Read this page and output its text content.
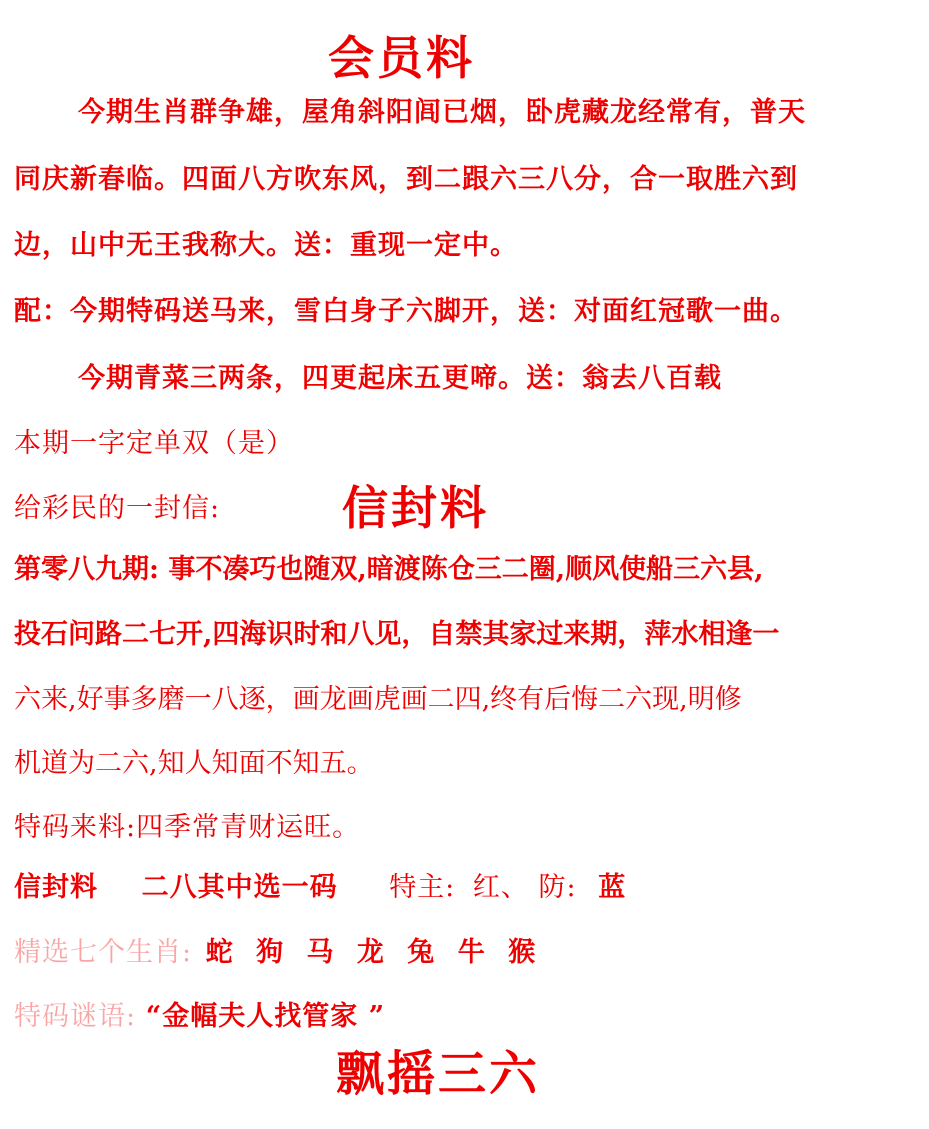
会员料
今期生肖群争雄，屋角斜阳闾已烟，卧虎藏龙经常有，普天
同庆新春临。四面八方吹东风，到二跟六三八分，合一取胜六到
边，山中无王我称大。送：重现一定中。
配：今期特码送马来，雪白身子六脚开，送：对面红冠歌一曲。
今期青菜三两条，四更起床五更啼。送：翁去八百载
本期一字定单双（是）
给彩民的一封信:	信封料
第零八九期: 事不凑巧也随双,暗渡陈仓三二圈,顺风使船三六县,
投石问路二七开,四海识时和八见，自禁其家过来期，萍水相逢一
六来,好事多磨一八逐，画龙画虎画二四,终有后悔二六现,明修
机道为二六,知人知面不知五。
特码来料:四季常青财运旺。
信封料 二八其中选一码 特主: 红、 防: 蓝
精选七个生肖: 蛇 狗 马 龙 兔 牛 猴
特码谜语: “金幅夫人找管家 ”
飘摇三六
